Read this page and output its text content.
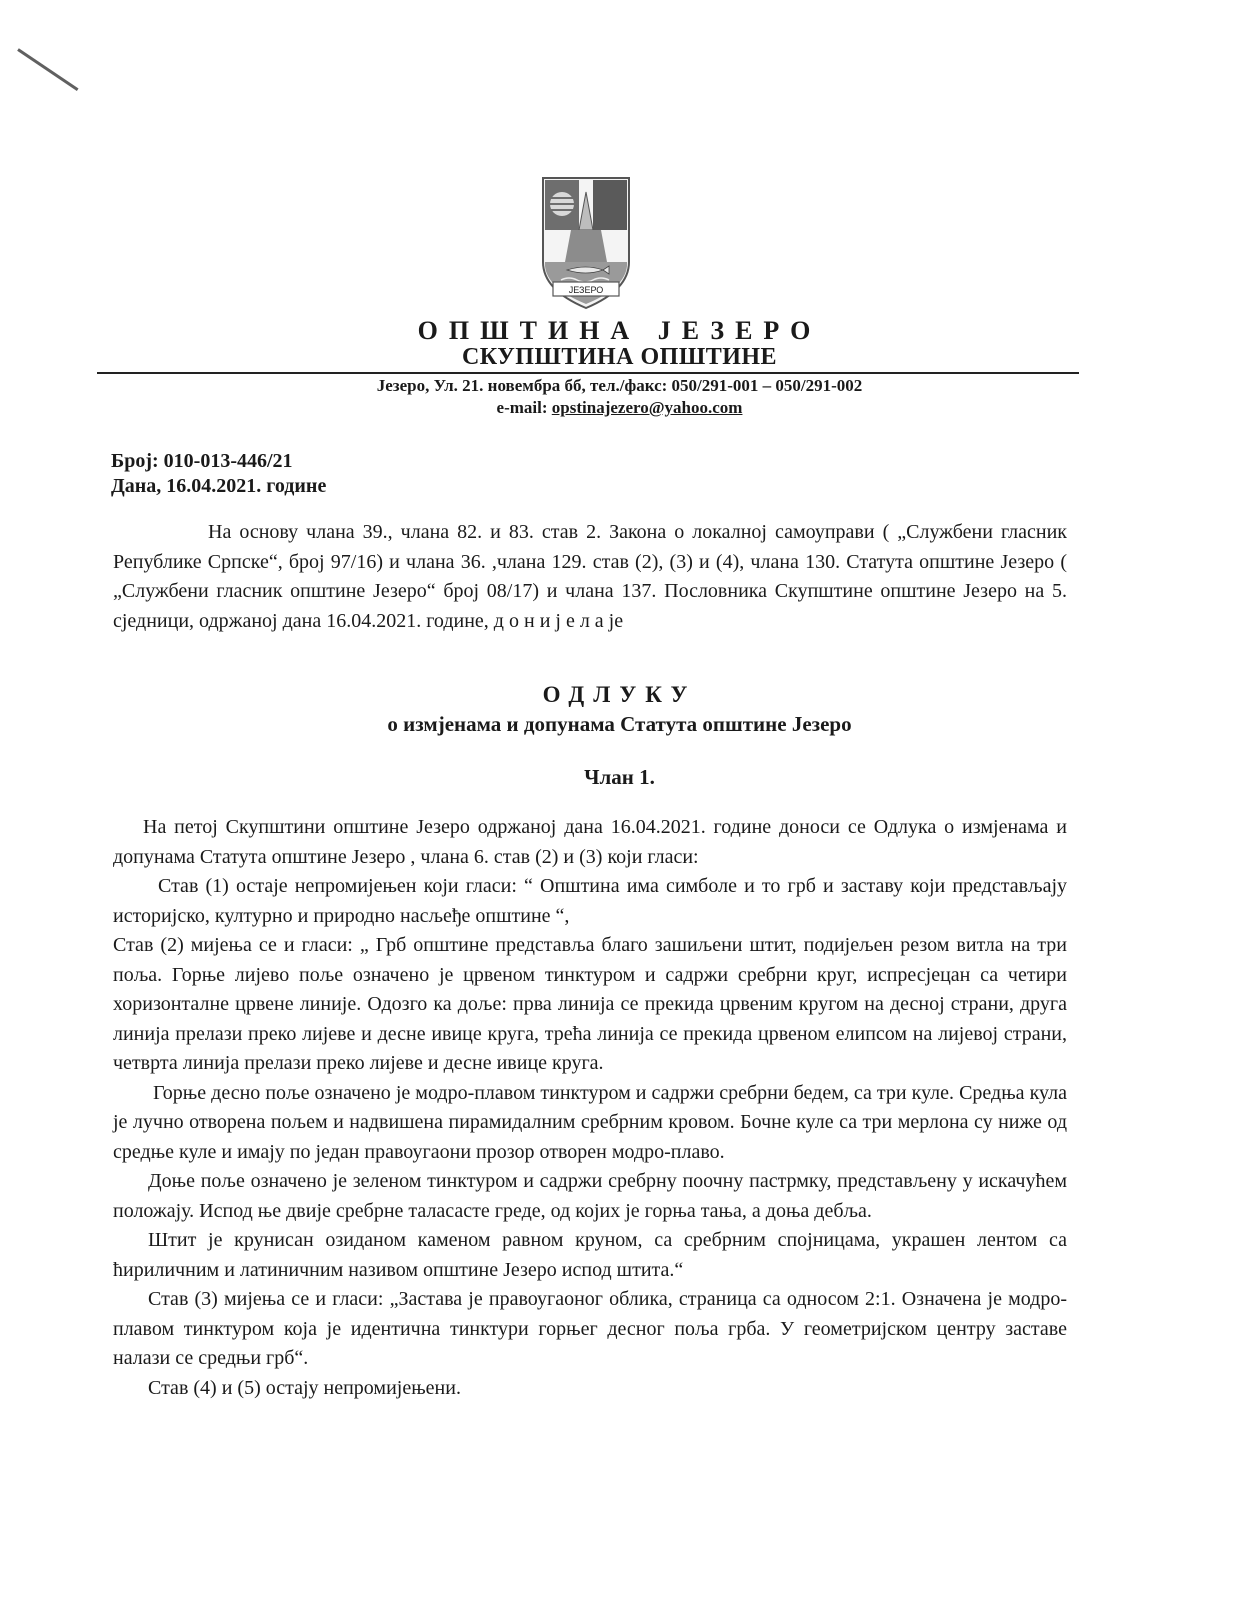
ЈЕЗЕРО
ОПШТИНА ЈЕЗЕРО
СКУПШТИНА ОПШТИНЕ
Језеро, Ул. 21. новембра бб, тел./факс: 050/291-001 – 050/291-002
e-mail: opstinajezero@yahoo.com
Број: 010-013-446/21
Дана, 16.04.2021. године
На основу члана 39., члана 82. и 83. став 2. Закона о локалној самоуправи ( „Службени гласник Републике Српске“, број 97/16) и члана 36. ,члана 129. став (2), (3) и (4), члана 130. Статута општине Језеро ( „Службени гласник општине Језеро“ број 08/17) и члана 137. Пословника Скупштине општине Језеро на 5. сједници, одржаној дана 16.04.2021. године, д о н и ј е л а је
ОДЛУКУ
о измјенама и допунама Статута општине Језеро
Члан 1.

На петој Скупштини општине Језеро одржаној дана 16.04.2021. године доноси се Одлука о измјенама и допунама Статута општине Језеро , члана 6. став (2) и (3) који гласи:

Став (1) остаје непромијењен који гласи: “ Општина има симболе и то грб и заставу који представљају историјско, културно и природно насљеђе општине “,

Став (2) мијења се и гласи: „ Грб општине представља благо зашиљени штит, подијељен резом витла на три поља. Горње лијево поље означено је црвеном тинктуром и садржи сребрни круг, испресјецан са четири хоризонталне црвене линије. Одозго ка доље: прва линија се прекида црвеним кругом на десној страни, друга линија прелази преко лијеве и десне ивице круга, трећа линија се прекида црвеном елипсом на лијевој страни, четврта линија прелази преко лијеве и десне ивице круга.

Горње десно поље означено је модро-плавом тинктуром и садржи сребрни бедем, са три куле. Средња кула је лучно отворена пољем и надвишена пирамидалним сребрним кровом. Бочне куле са три мерлона су ниже од средње куле и имају по један правоугаони прозор отворен модро-плаво.

Доње поље означено је зеленом тинктуром и садржи сребрну поочну пастрмку, представљену у искачућем положају. Испод ње двије сребрне таласасте греде, од којих је горња тања, а доња дебља.

Штит је крунисан озиданом каменом равном круном, са сребрним спојницама, украшен лентом са ћириличним и латиничним називом општине Језеро испод штита.“

Став (3) мијења се и гласи: „Застава је правоугаоног облика, страница са односом 2:1. Означена је модро-плавом тинктуром која је идентична тинктури горњег десног поља грба. У геометријском центру заставе налази се средњи грб“.

Став (4) и (5) остају непромијењени.
